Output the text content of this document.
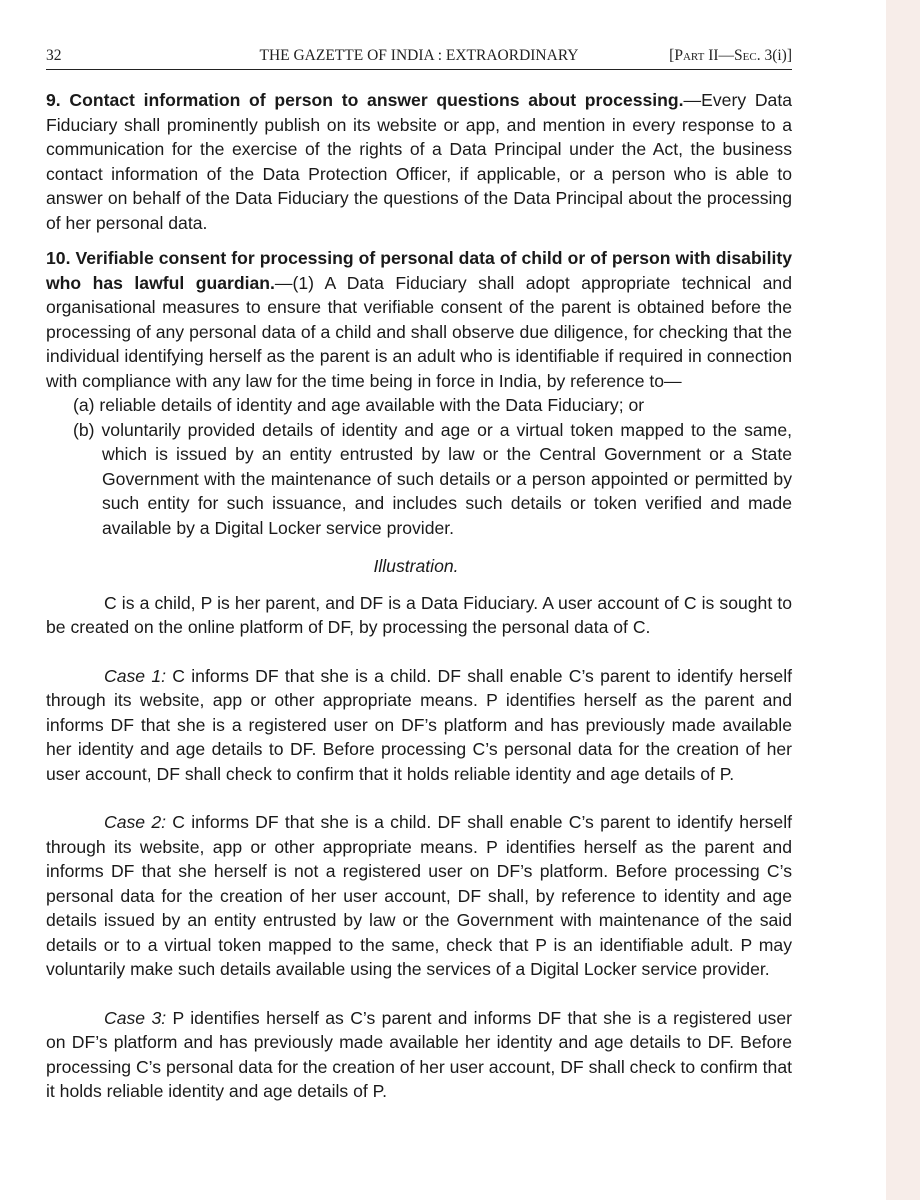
32	THE GAZETTE OF INDIA : EXTRAORDINARY	[Part II—Sec. 3(i)]

9. Contact information of person to answer questions about processing.—Every Data Fiduciary shall prominently publish on its website or app, and mention in every response to a communication for the exercise of the rights of a Data Principal under the Act, the business contact information of the Data Protection Officer, if applicable, or a person who is able to answer on behalf of the Data Fiduciary the questions of the Data Principal about the processing of her personal data.

10. Verifiable consent for processing of personal data of child or of person with disability who has lawful guardian.—(1) A Data Fiduciary shall adopt appropriate technical and organisational measures to ensure that verifiable consent of the parent is obtained before the processing of any personal data of a child and shall observe due diligence, for checking that the individual identifying herself as the parent is an adult who is identifiable if required in connection with compliance with any law for the time being in force in India, by reference to—

(a) reliable details of identity and age available with the Data Fiduciary; or

(b) voluntarily provided details of identity and age or a virtual token mapped to the same, which is issued by an entity entrusted by law or the Central Government or a State Government with the maintenance of such details or a person appointed or permitted by such entity for such issuance, and includes such details or token verified and made available by a Digital Locker service provider.

Illustration.

C is a child, P is her parent, and DF is a Data Fiduciary. A user account of C is sought to be created on the online platform of DF, by processing the personal data of C.

Case 1: C informs DF that she is a child. DF shall enable C’s parent to identify herself through its website, app or other appropriate means. P identifies herself as the parent and informs DF that she is a registered user on DF’s platform and has previously made available her identity and age details to DF. Before processing C’s personal data for the creation of her user account, DF shall check to confirm that it holds reliable identity and age details of P.

Case 2: C informs DF that she is a child. DF shall enable C’s parent to identify herself through its website, app or other appropriate means. P identifies herself as the parent and informs DF that she herself is not a registered user on DF’s platform. Before processing C’s personal data for the creation of her user account, DF shall, by reference to identity and age details issued by an entity entrusted by law or the Government with maintenance of the said details or to a virtual token mapped to the same, check that P is an identifiable adult. P may voluntarily make such details available using the services of a Digital Locker service provider.

Case 3: P identifies herself as C’s parent and informs DF that she is a registered user on DF’s platform and has previously made available her identity and age details to DF. Before processing C’s personal data for the creation of her user account, DF shall check to confirm that it holds reliable identity and age details of P.
